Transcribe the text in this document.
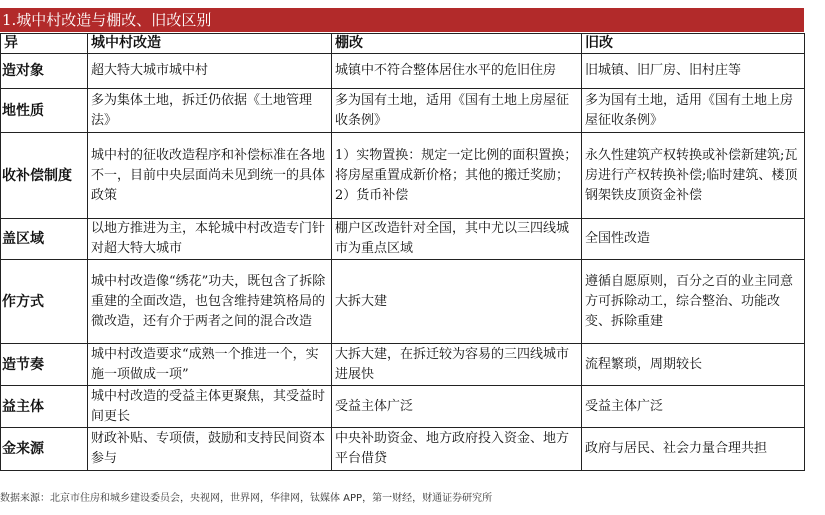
1.城中村改造与棚改、旧改区别
异	城中村改造	棚改	旧改
造对象	超大特大城市城中村	城镇中不符合整体居住水平的危旧住房	旧城镇、旧厂房、旧村庄等
地性质	多为集体土地，拆迁仍依据《土地管理法》	多为国有土地，适用《国有土地上房屋征收条例》	多为国有土地，适用《国有土地上房屋征收条例》
收补偿制度	城中村的征收改造程序和补偿标准在各地不一，目前中央层面尚未见到统一的具体政策	1）实物置换：规定一定比例的面积置换；将房屋重置成新价格；其他的搬迁奖励；2）货币补偿	永久性建筑产权转换或补偿新建筑;瓦房进行产权转换补偿;临时建筑、楼顶钢架铁皮顶资金补偿
盖区域	以地方推进为主，本轮城中村改造专门针对超大特大城市	棚户区改造针对全国，其中尤以三四线城市为重点区域	全国性改造
作方式	城中村改造像“绣花”功夫，既包含了拆除重建的全面改造，也包含维持建筑格局的微改造，还有介于两者之间的混合改造	大拆大建	遵循自愿原则，百分之百的业主同意方可拆除动工，综合整治、功能改变、拆除重建
造节奏	城中村改造要求“成熟一个推进一个，实施一项做成一项”	大拆大建，在拆迁较为容易的三四线城市进展快	流程繁琐，周期较长
益主体	城中村改造的受益主体更聚焦，其受益时间更长	受益主体广泛	受益主体广泛
金来源	财政补贴、专项债，鼓励和支持民间资本参与	中央补助资金、地方政府投入资金、地方平台借贷	政府与居民、社会力量合理共担
数据来源：北京市住房和城乡建设委员会，央视网，世界网，华律网，钛媒体 APP，第一财经，财通证券研究所
